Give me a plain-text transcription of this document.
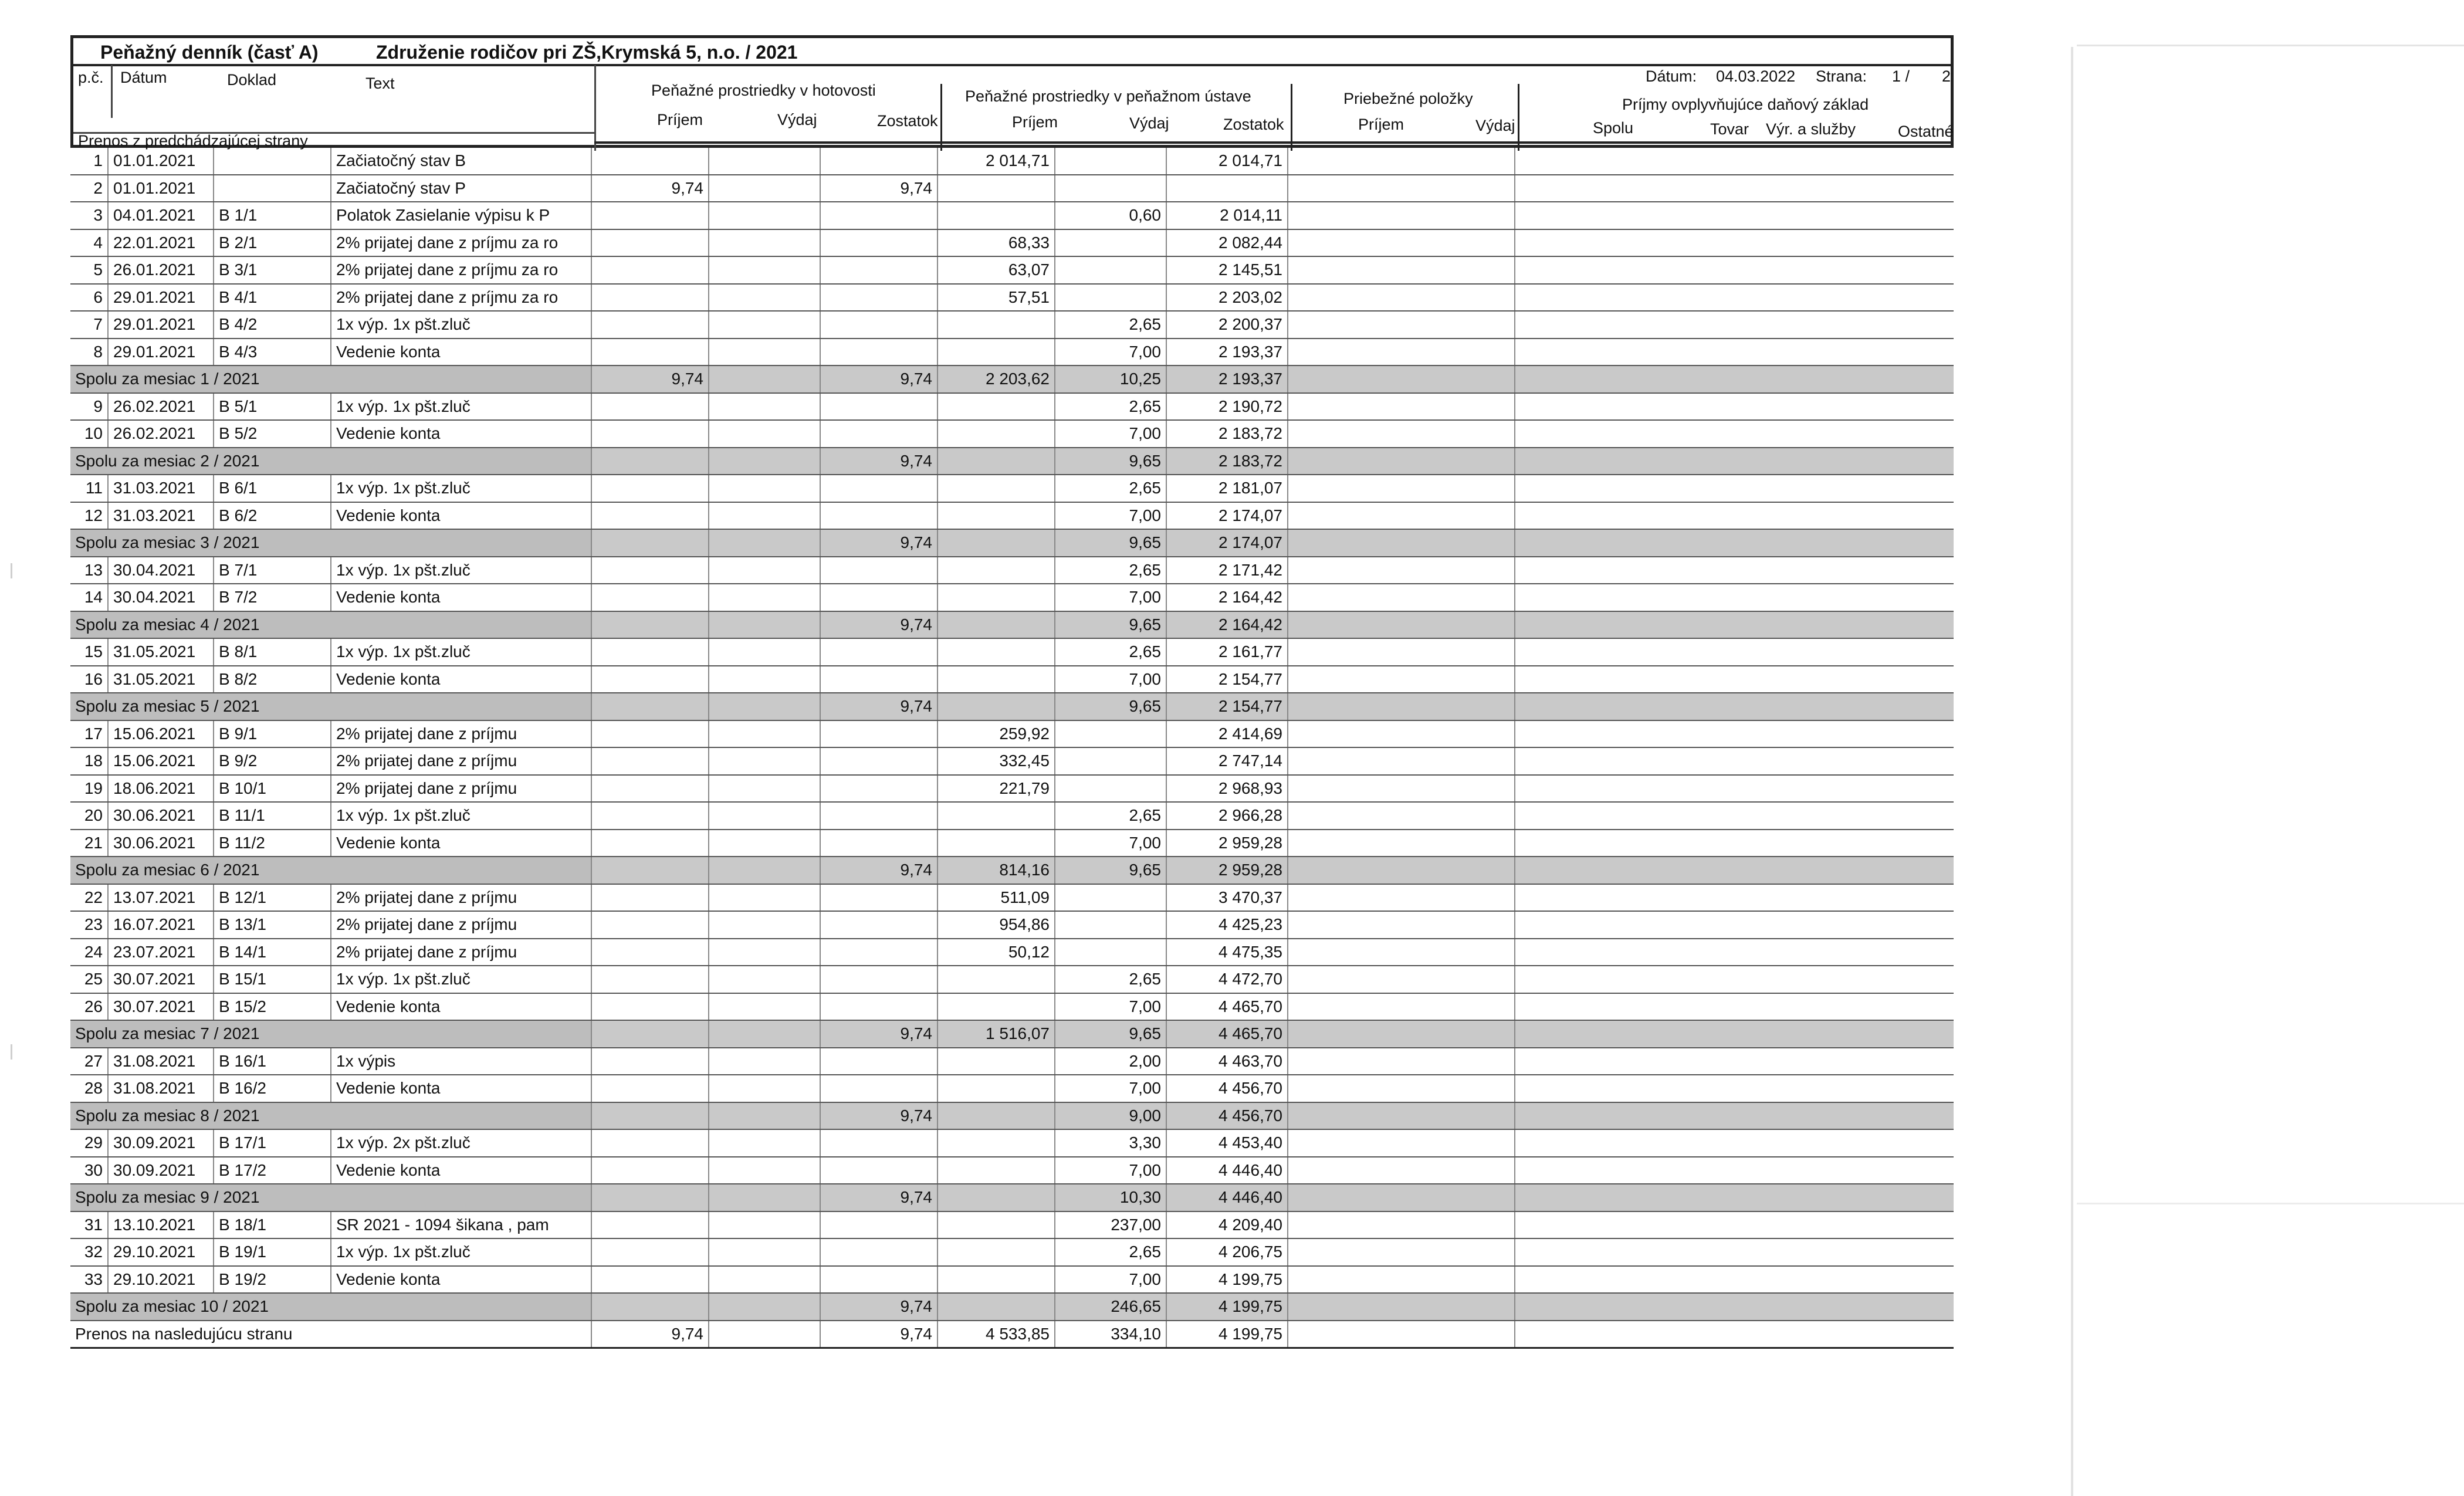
Peňažný denník (časť A)	Združenie rodičov pri ZŠ,Krymská 5, n.o. / 2021
Dátum: 04.03.2022 Strana: 1 / 2
p.č. Dátum	Doklad	Text	Peňažné prostriedky v hotovosti
Príjem	Výdaj	Zostatok
Peňažné prostriedky v peňažnom ústave
Príjem	Výdaj	Zostatok
Priebežné položky
Príjem	Výdaj
Príjmy ovplyvňujúce daňový základ
Spolu	Tovar Výr. a služby	Ostatné
Prenos z predchádzajúcej strany
1	01.01.2021		Začiatočný stav B				2 014,71		2 014,71		
2	01.01.2021		Začiatočný stav P	9,74		9,74					
3	04.01.2021	B 1/1	Polatok Zasielanie výpisu k P					0,60	2 014,11		
4	22.01.2021	B 2/1	2% prijatej dane z príjmu za ro				68,33		2 082,44		
5	26.01.2021	B 3/1	2% prijatej dane z príjmu za ro				63,07		2 145,51		
6	29.01.2021	B 4/1	2% prijatej dane z príjmu za ro				57,51		2 203,02		
7	29.01.2021	B 4/2	1x výp. 1x pšt.zluč					2,65	2 200,37		
8	29.01.2021	B 4/3	Vedenie konta					7,00	2 193,37		
Spolu za mesiac 1 / 2021				9,74		9,74	2 203,62	10,25	2 193,37		
9	26.02.2021	B 5/1	1x výp. 1x pšt.zluč					2,65	2 190,72		
10	26.02.2021	B 5/2	Vedenie konta					7,00	2 183,72		
Spolu za mesiac 2 / 2021						9,74		9,65	2 183,72		
11	31.03.2021	B 6/1	1x výp. 1x pšt.zluč					2,65	2 181,07		
12	31.03.2021	B 6/2	Vedenie konta					7,00	2 174,07		
Spolu za mesiac 3 / 2021						9,74		9,65	2 174,07		
13	30.04.2021	B 7/1	1x výp. 1x pšt.zluč					2,65	2 171,42		
14	30.04.2021	B 7/2	Vedenie konta					7,00	2 164,42		
Spolu za mesiac 4 / 2021						9,74		9,65	2 164,42		
15	31.05.2021	B 8/1	1x výp. 1x pšt.zluč					2,65	2 161,77		
16	31.05.2021	B 8/2	Vedenie konta					7,00	2 154,77		
Spolu za mesiac 5 / 2021						9,74		9,65	2 154,77		
17	15.06.2021	B 9/1	2% prijatej dane z príjmu				259,92		2 414,69		
18	15.06.2021	B 9/2	2% prijatej dane z príjmu				332,45		2 747,14		
19	18.06.2021	B 10/1	2% prijatej dane z príjmu				221,79		2 968,93		
20	30.06.2021	B 11/1	1x výp. 1x pšt.zluč					2,65	2 966,28		
21	30.06.2021	B 11/2	Vedenie konta					7,00	2 959,28		
Spolu za mesiac 6 / 2021						9,74	814,16	9,65	2 959,28		
22	13.07.2021	B 12/1	2% prijatej dane z príjmu				511,09		3 470,37		
23	16.07.2021	B 13/1	2% prijatej dane z príjmu				954,86		4 425,23		
24	23.07.2021	B 14/1	2% prijatej dane z príjmu				50,12		4 475,35		
25	30.07.2021	B 15/1	1x výp. 1x pšt.zluč					2,65	4 472,70		
26	30.07.2021	B 15/2	Vedenie konta					7,00	4 465,70		
Spolu za mesiac 7 / 2021						9,74	1 516,07	9,65	4 465,70		
27	31.08.2021	B 16/1	1x výpis					2,00	4 463,70		
28	31.08.2021	B 16/2	Vedenie konta					7,00	4 456,70		
Spolu za mesiac 8 / 2021						9,74		9,00	4 456,70		
29	30.09.2021	B 17/1	1x výp. 2x pšt.zluč					3,30	4 453,40		
30	30.09.2021	B 17/2	Vedenie konta					7,00	4 446,40		
Spolu za mesiac 9 / 2021						9,74		10,30	4 446,40		
31	13.10.2021	B 18/1	SR 2021 - 1094 šikana , pam					237,00	4 209,40		
32	29.10.2021	B 19/1	1x výp. 1x pšt.zluč					2,65	4 206,75		
33	29.10.2021	B 19/2	Vedenie konta					7,00	4 199,75		
Spolu za mesiac 10 / 2021						9,74		246,65	4 199,75		
Prenos na nasledujúcu stranu				9,74		9,74	4 533,85	334,10	4 199,75		
